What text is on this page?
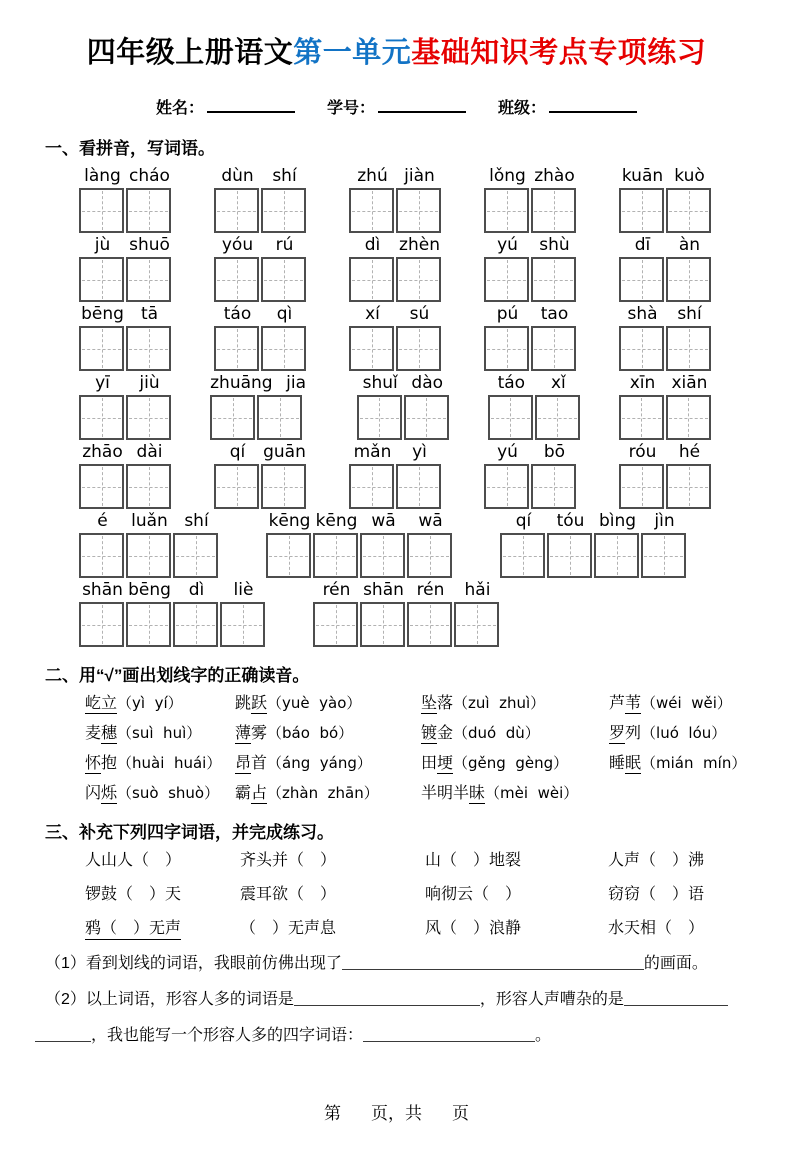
四年级上册语文第一单元基础知识考点专项练习
姓名：	学号：	班级：
一、看拼音，写词语。
làng cháo	dùn	shí	zhú jiàn	lǒng zhào	kuān kuò
jù	shuō	yóu	rú	dì	zhèn	yú	shù	dī	àn
bēng	tā	táo	qì	xí	sú	pú	tao	shà	shí
yī	jiù	zhuāng jia	shuǐ dào	táo	xǐ	xīn xiān
zhāo dài	qí	guān	mǎn	yì	yú	bō	róu	hé
é	luǎn shí	kēng kēng wā	wā	qí	tóu bìng	jìn
shān bēng	dì	liè	rén shān rén	hǎi
二、用“√”画出划线字的正确读音。
屹立（yì  yí）	跳跃（yuè  yào）	坠落（zuì  zhuì）	芦苇（wéi  wěi）
麦穗（suì  huì）	薄雾（báo  bó）	镀金（duó  dù）	罗列（luó  lóu）
怀抱（huài  huái） 昂首（áng  yáng）	田埂（gěng  gèng）	睡眠（mián  mín）
闪烁（suò  shuò） 霸占（zhàn  zhān）	半明半昧（mèi  wèi）
三、补充下列四字词语，并完成练习。
人山人（　）	齐头并（　）	山（　）地裂	人声（　）沸
锣鼓（　）天	震耳欲（　）	响彻云（　）	窃窃（　）语
鸦（　）无声	（　）无声息	风（　）浪静	水天相（　）
（1）看到划线的词语，我眼前仿佛出现了	的画面。
（2）以上词语，形容人多的词语是	，形容人声嘈杂的是
，我也能写一个形容人多的四字词语：	。
第 页，共 页
